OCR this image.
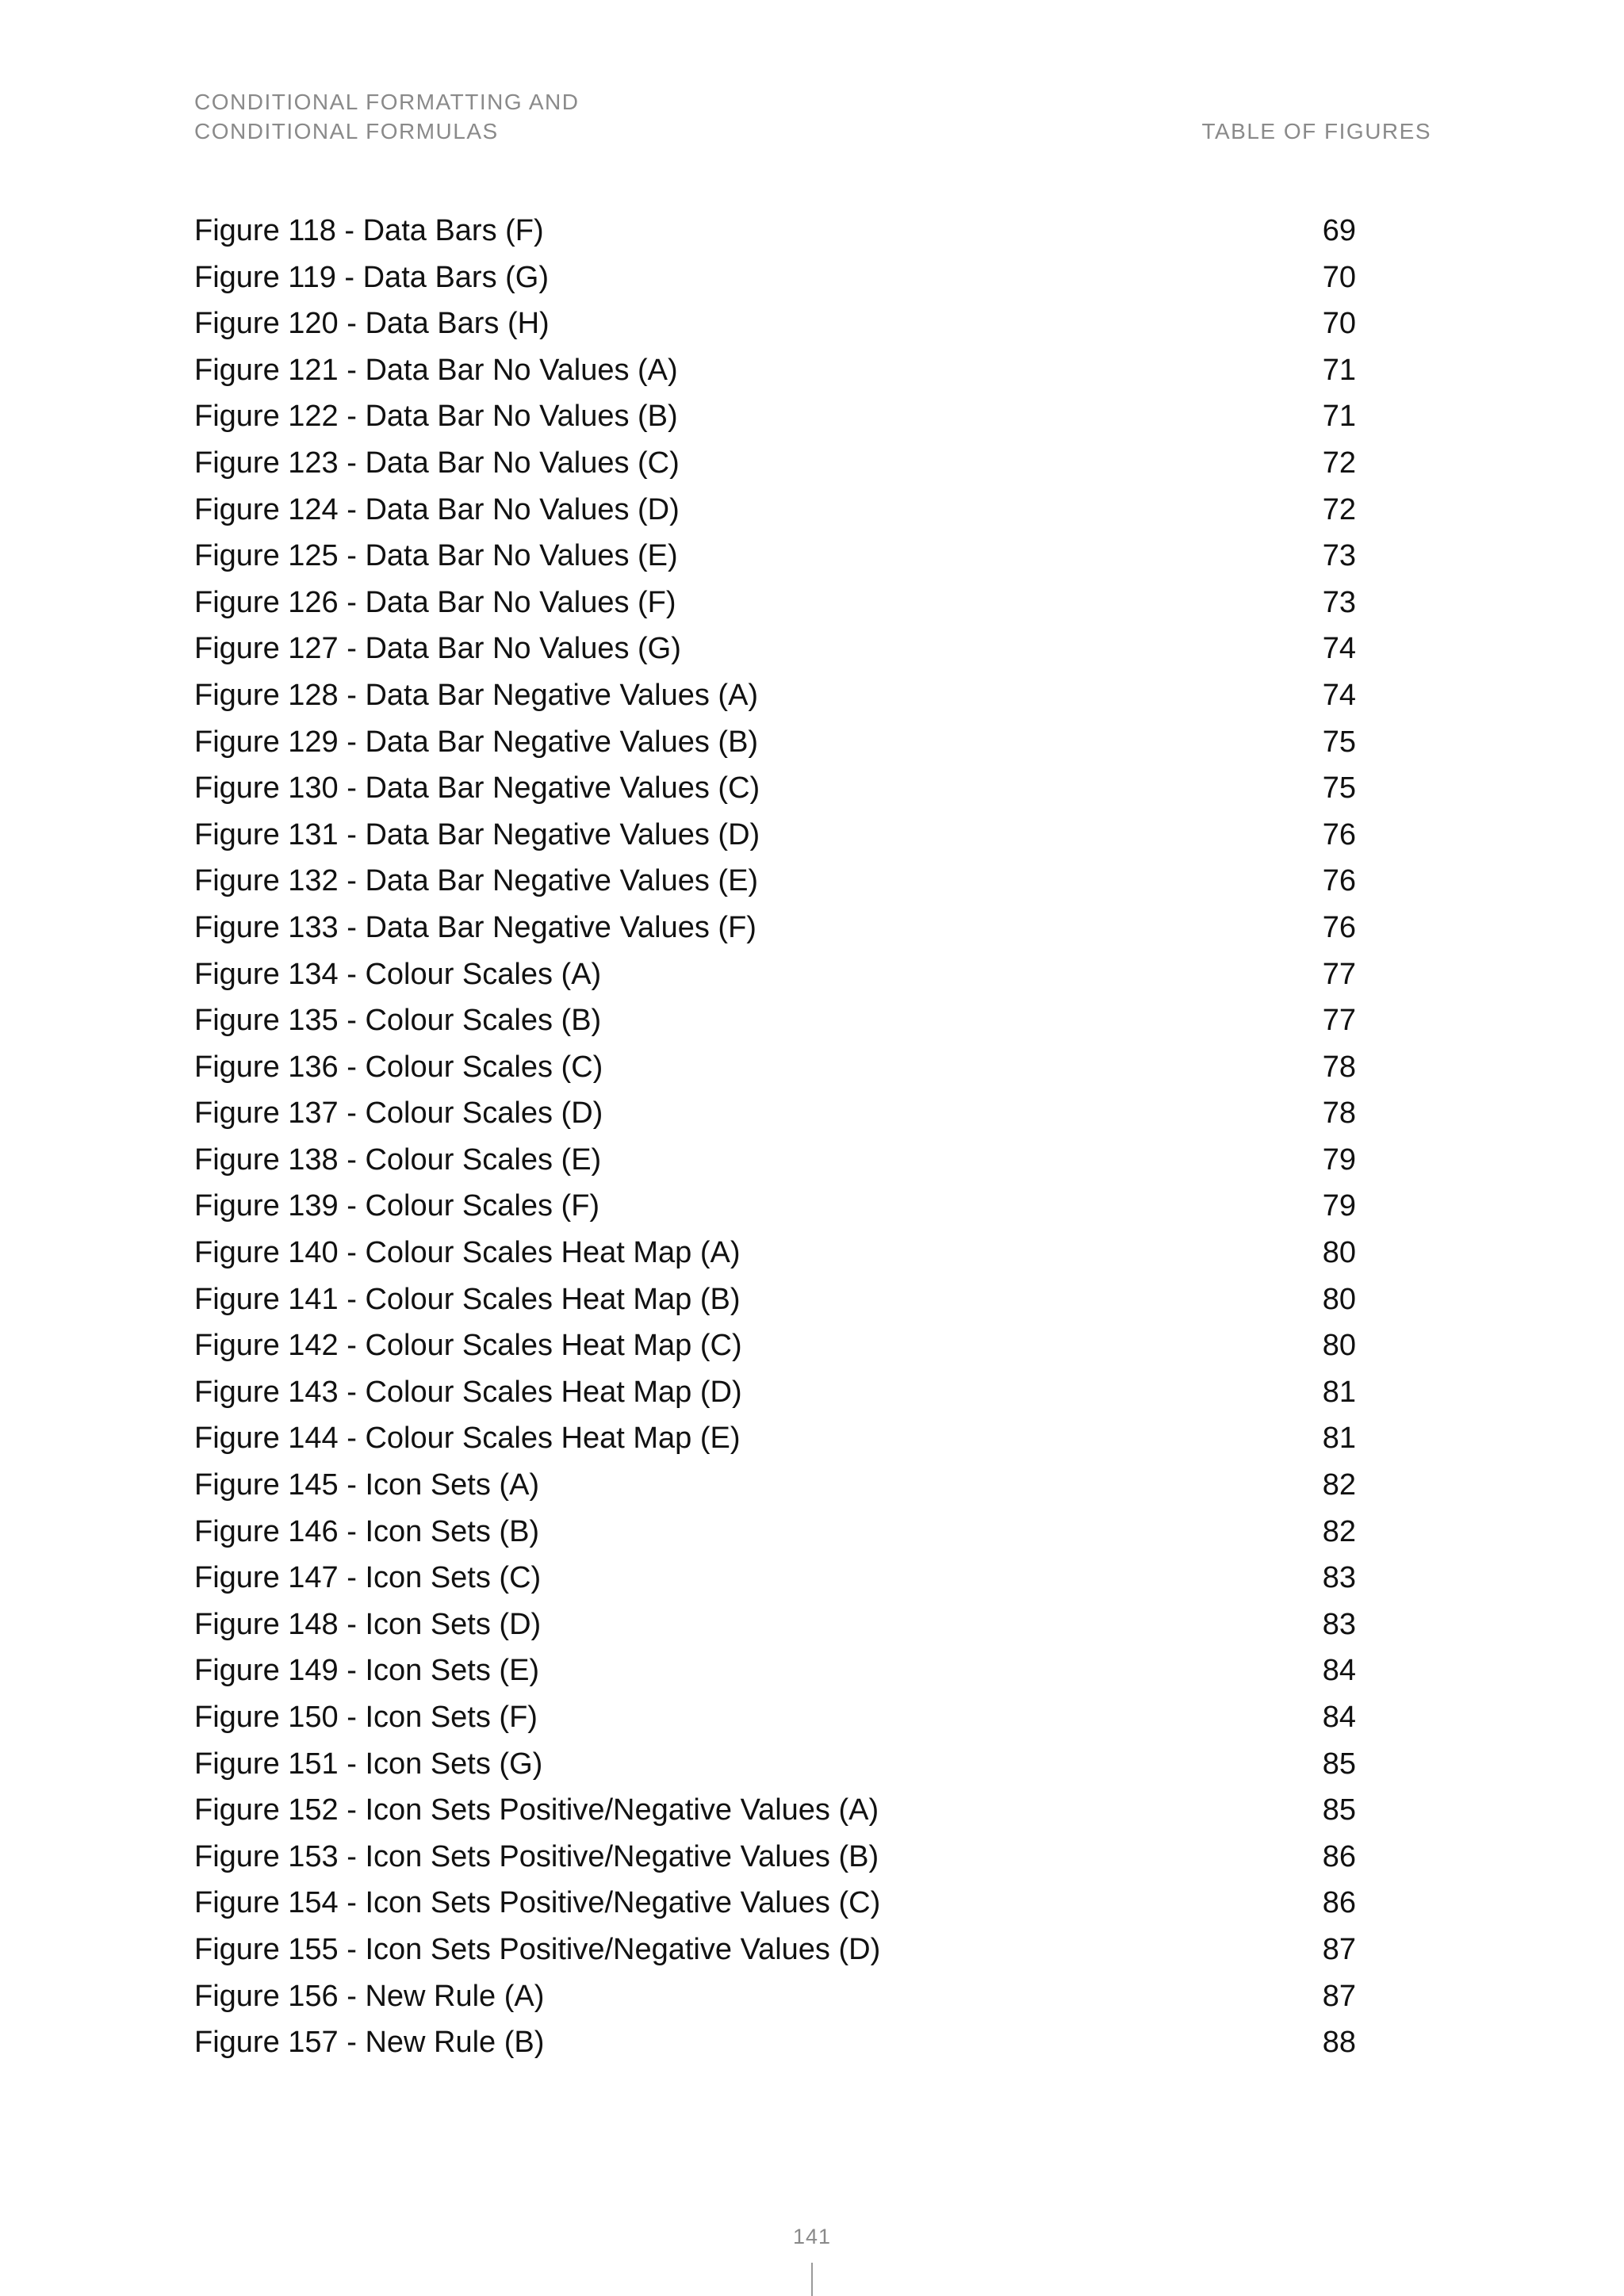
CONDITIONAL FORMATTING AND
CONDITIONAL FORMULAS	TABLE OF FIGURES
Figure 118 - Data Bars (F)	69
Figure 119 - Data Bars (G)	70
Figure 120 - Data Bars (H)	70
Figure 121 - Data Bar No Values (A)	71
Figure 122 - Data Bar No Values (B)	71
Figure 123 - Data Bar No Values (C)	72
Figure 124 - Data Bar No Values (D)	72
Figure 125 - Data Bar No Values (E)	73
Figure 126 - Data Bar No Values (F)	73
Figure 127 - Data Bar No Values (G)	74
Figure 128 - Data Bar Negative Values (A)	74
Figure 129 - Data Bar Negative Values (B)	75
Figure 130 - Data Bar Negative Values (C)	75
Figure 131 - Data Bar Negative Values (D)	76
Figure 132 - Data Bar Negative Values (E)	76
Figure 133 - Data Bar Negative Values (F)	76
Figure 134 - Colour Scales (A)	77
Figure 135 - Colour Scales (B)	77
Figure 136 - Colour Scales (C)	78
Figure 137 - Colour Scales (D)	78
Figure 138 - Colour Scales (E)	79
Figure 139 - Colour Scales (F)	79
Figure 140 - Colour Scales Heat Map (A)	80
Figure 141 - Colour Scales Heat Map (B)	80
Figure 142 - Colour Scales Heat Map (C)	80
Figure 143 - Colour Scales Heat Map (D)	81
Figure 144 - Colour Scales Heat Map (E)	81
Figure 145 - Icon Sets (A)	82
Figure 146 - Icon Sets (B)	82
Figure 147 - Icon Sets (C)	83
Figure 148 - Icon Sets (D)	83
Figure 149 - Icon Sets (E)	84
Figure 150 - Icon Sets (F)	84
Figure 151 - Icon Sets (G)	85
Figure 152 - Icon Sets Positive/Negative Values (A)	85
Figure 153 - Icon Sets Positive/Negative Values (B)	86
Figure 154 - Icon Sets Positive/Negative Values (C)	86
Figure 155 - Icon Sets Positive/Negative Values (D)	87
Figure 156 - New Rule (A)	87
Figure 157 - New Rule (B)	88
141
